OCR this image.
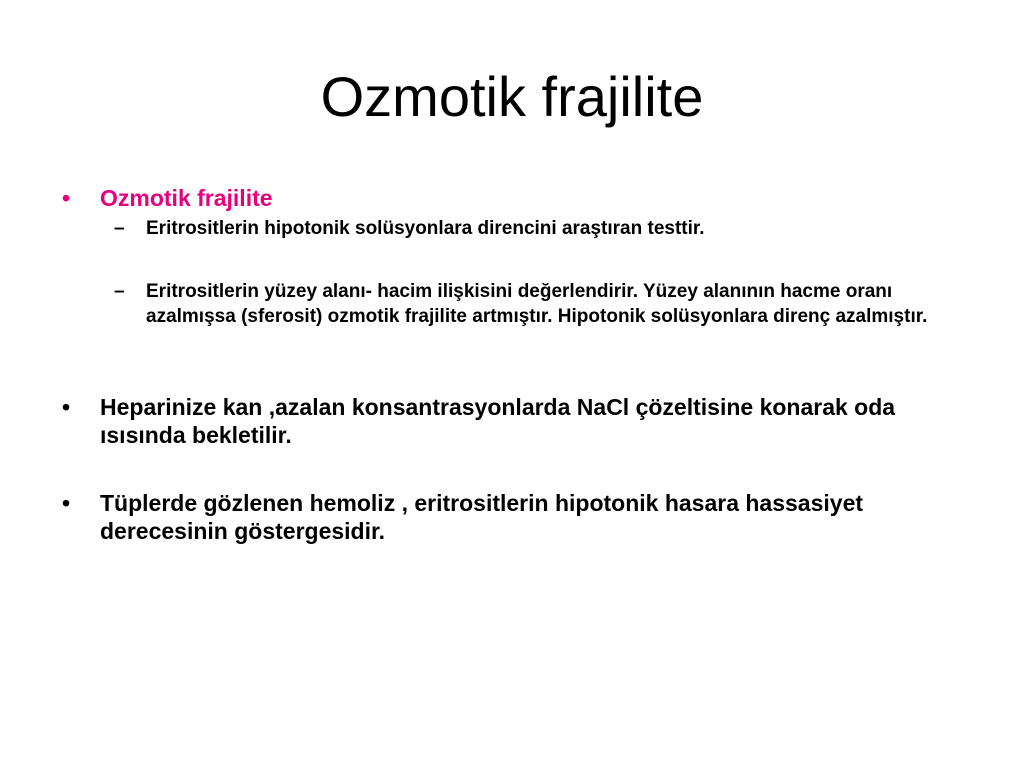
Ozmotik frajilite
• Ozmotik frajilite
– Eritrositlerin hipotonik solüsyonlara direncini araştıran testtir.
– Eritrositlerin yüzey alanı- hacim ilişkisini değerlendirir. Yüzey alanının hacme oranı azalmışsa (sferosit) ozmotik frajilite artmıştır. Hipotonik solüsyonlara direnç azalmıştır.
• Heparinize kan ,azalan konsantrasyonlarda NaCl çözeltisine konarak oda ısısında bekletilir.
• Tüplerde gözlenen hemoliz , eritrositlerin hipotonik hasara hassasiyet derecesinin göstergesidir.
